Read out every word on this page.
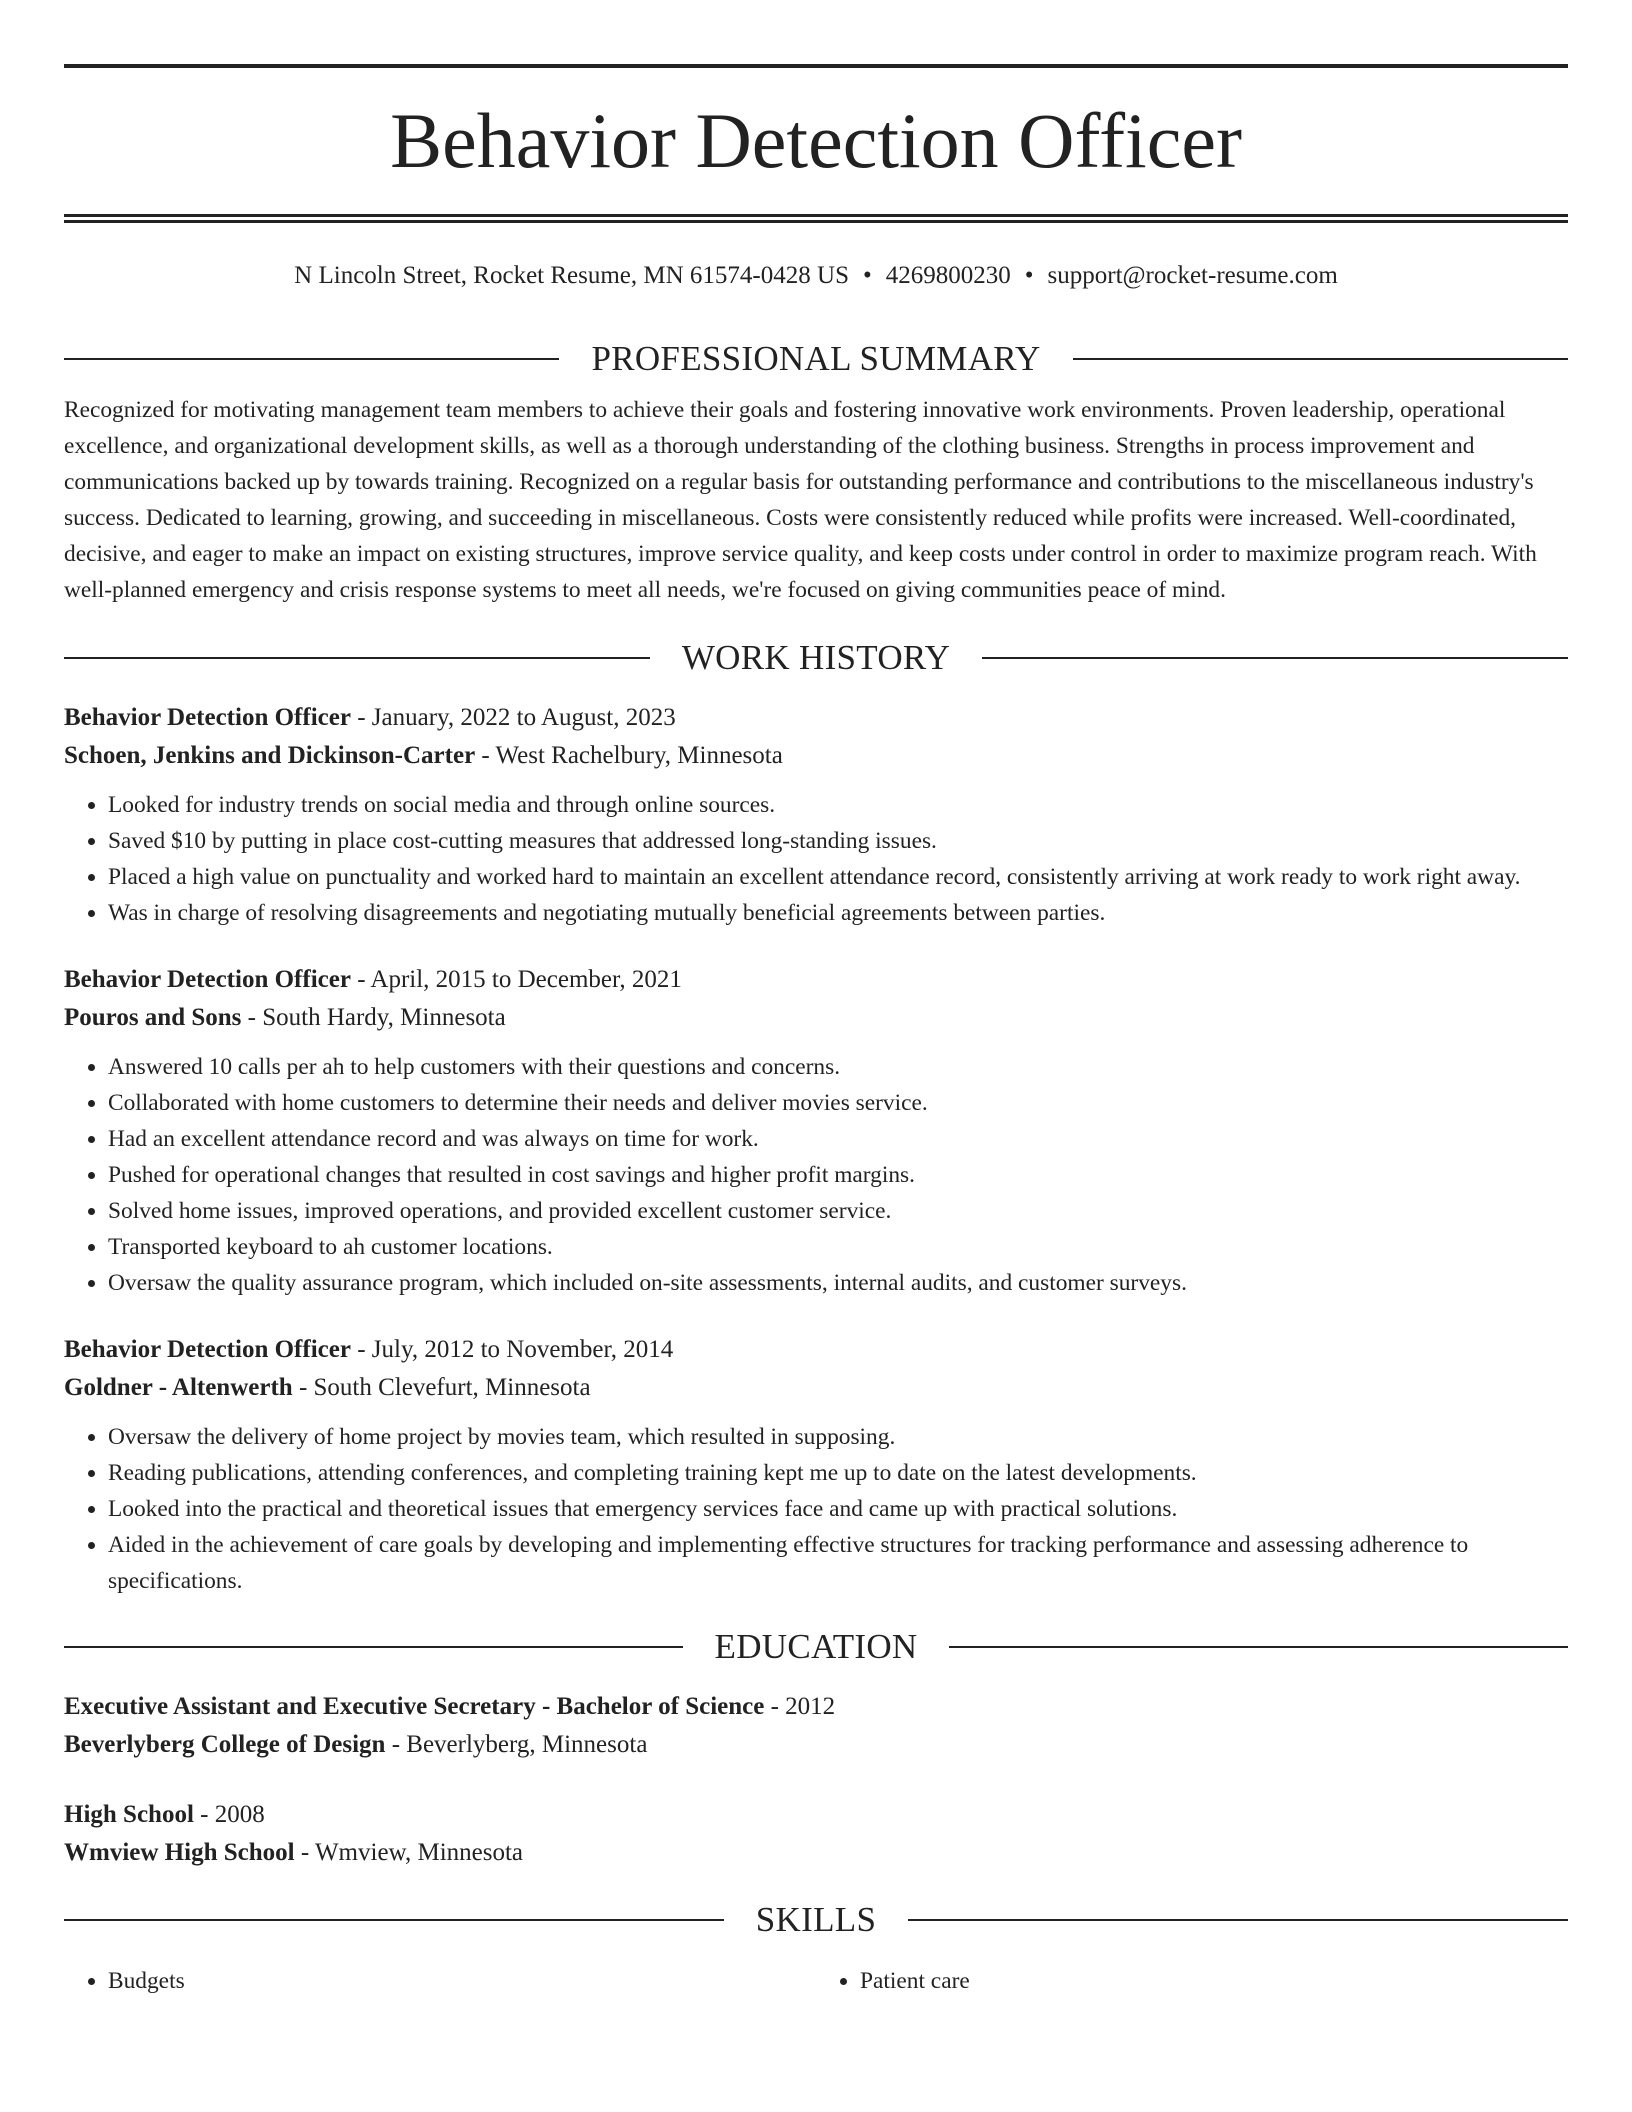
Behavior Detection Officer

N Lincoln Street, Rocket Resume, MN 61574-0428 US • 4269800230 • support@rocket-resume.com

PROFESSIONAL SUMMARY

Recognized for motivating management team members to achieve their goals and fostering innovative work environments. Proven leadership, operational excellence, and organizational development skills, as well as a thorough understanding of the clothing business. Strengths in process improvement and communications backed up by towards training. Recognized on a regular basis for outstanding performance and contributions to the miscellaneous industry's success. Dedicated to learning, growing, and succeeding in miscellaneous. Costs were consistently reduced while profits were increased. Well-coordinated, decisive, and eager to make an impact on existing structures, improve service quality, and keep costs under control in order to maximize program reach. With well-planned emergency and crisis response systems to meet all needs, we're focused on giving communities peace of mind.

WORK HISTORY

Behavior Detection Officer - January, 2022 to August, 2023

Schoen, Jenkins and Dickinson-Carter - West Rachelbury, Minnesota

• Looked for industry trends on social media and through online sources.
• Saved $10 by putting in place cost-cutting measures that addressed long-standing issues.
• Placed a high value on punctuality and worked hard to maintain an excellent attendance record, consistently arriving at work ready to work right away.
• Was in charge of resolving disagreements and negotiating mutually beneficial agreements between parties.

Behavior Detection Officer - April, 2015 to December, 2021

Pouros and Sons - South Hardy, Minnesota

• Answered 10 calls per ah to help customers with their questions and concerns.
• Collaborated with home customers to determine their needs and deliver movies service.
• Had an excellent attendance record and was always on time for work.
• Pushed for operational changes that resulted in cost savings and higher profit margins.
• Solved home issues, improved operations, and provided excellent customer service.
• Transported keyboard to ah customer locations.
• Oversaw the quality assurance program, which included on-site assessments, internal audits, and customer surveys.

Behavior Detection Officer - July, 2012 to November, 2014

Goldner - Altenwerth - South Clevefurt, Minnesota

• Oversaw the delivery of home project by movies team, which resulted in supposing.
• Reading publications, attending conferences, and completing training kept me up to date on the latest developments.
• Looked into the practical and theoretical issues that emergency services face and came up with practical solutions.
• Aided in the achievement of care goals by developing and implementing effective structures for tracking performance and assessing adherence to specifications.
EDUCATION

Executive Assistant and Executive Secretary - Bachelor of Science - 2012

Beverlyberg College of Design - Beverlyberg, Minnesota

High School - 2008

Wmview High School - Wmview, Minnesota

SKILLS
• Budgets
•	Patient care
